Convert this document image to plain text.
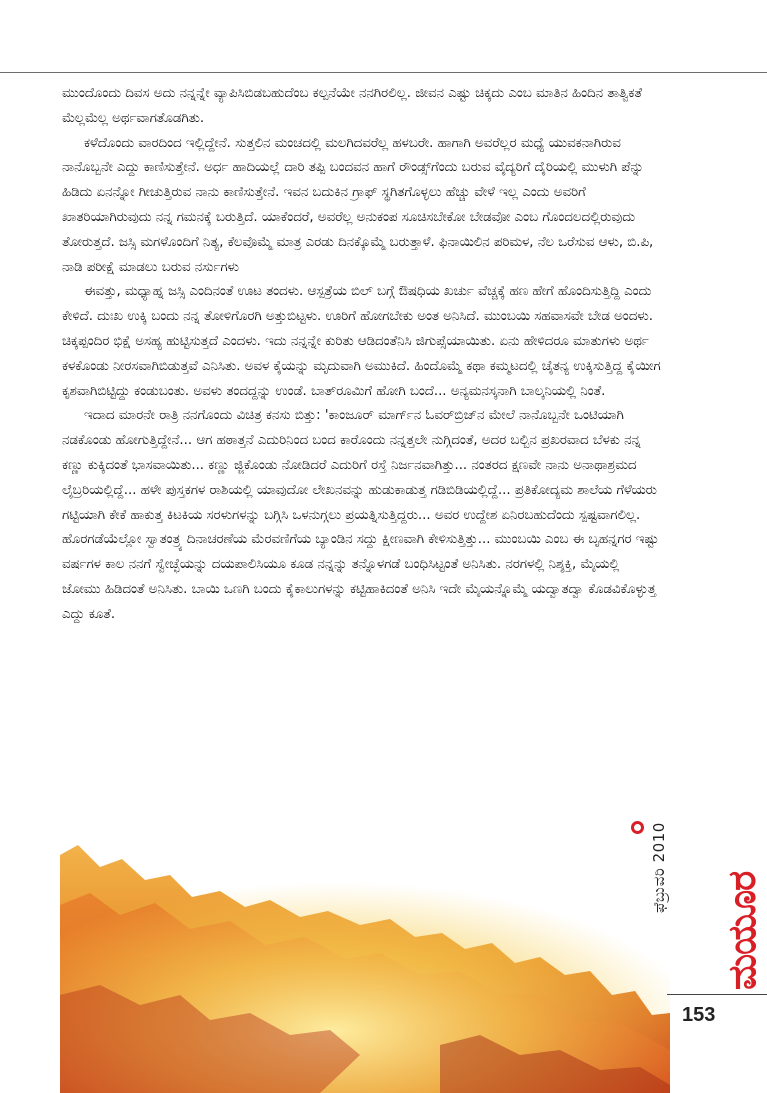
ಮುಂದೊಂದು ದಿವಸ ಅದು ನನ್ನನ್ನೇ ವ್ಯಾಪಿಸಿಬಿಡಬಹುದೆಂಬ ಕಲ್ಪನೆಯೇ ನನಗಿರಲಿಲ್ಲ. ಜೀವನ ಎಷ್ಟು ಚಿಕ್ಕದು ಎಂಬ ಮಾತಿನ ಹಿಂದಿನ ತಾತ್ವಿಕತೆ ಮೆಲ್ಲಮೆಲ್ಲ ಅರ್ಥವಾಗತೊಡಗಿತು.

ಕಳೆದೊಂದು ವಾರದಿಂದ ಇಲ್ಲಿದ್ದೇನೆ. ಸುತ್ತಲಿನ ಮಂಚದಲ್ಲಿ ಮಲಗಿದವರೆಲ್ಲ ಹಳಬರೇ. ಹಾಗಾಗಿ ಅವರೆಲ್ಲರ ಮಧ್ಯೆ ಯುವಕನಾಗಿರುವ ನಾನೊಬ್ಬನೇ ಎದ್ದು ಕಾಣಿಸುತ್ತೇನೆ. ಅರ್ಧ ಹಾದಿಯಲ್ಲೆ ದಾರಿ ತಪ್ಪಿ ಬಂದವನ ಹಾಗೆ ರೌಂಡ್ಸ್‌ಗೆಂದು ಬರುವ ವೈದ್ಯರಿಗೆ ದೈರಿಯಲ್ಲಿ ಮುಳುಗಿ ಪೆನ್ನು ಹಿಡಿದು ಏನನ್ನೋ ಗೀಚುತ್ತಿರುವ ನಾನು ಕಾಣಿಸುತ್ತೇನೆ. ಇವನ ಬದುಕಿನ ಗ್ರಾಫ್ ಸ್ಥಗಿತಗೊಳ್ಳಲು ಹೆಚ್ಚು ವೇಳೆ ಇಲ್ಲ ಎಂದು ಅವರಿಗೆ ಖಾತರಿಯಾಗಿರುವುದು ನನ್ನ ಗಮನಕ್ಕೆ ಬರುತ್ತಿದೆ. ಯಾಕೆಂದರೆ, ಅವರೆಲ್ಲ ಅನುಕಂಪ ಸೂಚಿಸಬೇಕೋ ಬೇಡವೋ ಎಂಬ ಗೊಂದಲದಲ್ಲಿರುವುದು ತೋರುತ್ತದೆ. ಜಸ್ಸಿ ಮಗಳೊಂದಿಗೆ ನಿತ್ಯ, ಕೆಲವೊಮ್ಮೆ ಮಾತ್ರ ಎರಡು ದಿನಕ್ಕೊಮ್ಮೆ ಬರುತ್ತಾಳೆ. ಫಿನಾಯಿಲಿನ ಪರಿಮಳ, ನೆಲ ಒರೆಸುವ ಆಳು, ಬಿ.ಪಿ, ನಾಡಿ ಪರೀಕ್ಷೆ ಮಾಡಲು ಬರುವ ನರ್ಸುಗಳು

ಈವತ್ತು, ಮಧ್ಯಾಹ್ನ ಜಸ್ಸಿ ಎಂದಿನಂತೆ ಊಟ ತಂದಳು. ಆಸ್ಪತ್ರೆಯ ಬಿಲ್ ಬಗ್ಗೆ ಔಷಧಿಯ ಖರ್ಚು ವೆಚ್ಚಕ್ಕೆ ಹಣ ಹೇಗೆ ಹೊಂದಿಸುತ್ತಿದ್ದಿ ಎಂದು ಕೇಳಿದೆ. ದುಃಖ ಉಕ್ಕಿ ಬಂದು ನನ್ನ ತೋಳಿಗೊರಗಿ ಅತ್ತುಬಿಟ್ಟಳು. ಊರಿಗೆ ಹೋಗಬೇಕು ಅಂತ ಅನಿಸಿದೆ. ಮುಂಬಯಿ ಸಹವಾಸವೇ ಬೇಡ ಅಂದಳು. ಚಿಕ್ಕಪ್ಪಂದಿರ ಭಿಕ್ಷೆ ಅಸಹ್ಯ ಹುಟ್ಟಿಸುತ್ತದೆ ಎಂದಳು. ಇದು ನನ್ನನ್ನೇ ಕುರಿತು ಆಡಿದಂತೆನಿಸಿ ಜಿಗುಪ್ಸೆಯಾಯಿತು. ಏನು ಹೇಳಿದರೂ ಮಾತುಗಳು ಅರ್ಥ ಕಳಕೊಂಡು ನೀರಸವಾಗಿಬಿಡುತ್ತವೆ ಎನಿಸಿತು. ಅವಳ ಕೈಯನ್ನು ಮೃದುವಾಗಿ ಅಮುಕಿದೆ. ಹಿಂದೊಮ್ಮೆ ಕಥಾ ಕಮ್ಮಟದಲ್ಲಿ ಚೈತನ್ಯ ಉಕ್ಕಿಸುತ್ತಿದ್ದ ಕೈಯೀಗ ಕೃಶವಾಗಿಬಿಟ್ಟಿದ್ದು ಕಂಡುಬಂತು. ಅವಳು ತಂದದ್ದನ್ನು ಉಂಡೆ. ಬಾತ್‌ರೂಮಿಗೆ ಹೋಗಿ ಬಂದೆ... ಅನ್ಯಮನಸ್ಕನಾಗಿ ಬಾಲ್ಕನಿಯಲ್ಲಿ ನಿಂತೆ.

ಇದಾದ ಮಾರನೇ ರಾತ್ರಿ ನನಗೊಂದು ವಿಚಿತ್ರ ಕನಸು ಬಿತ್ತು: 'ಕಾಂಜೂರ್ ಮಾರ್ಗ್‌ನ ಓವರ್‌ಬ್ರಿಜ್‌ನ ಮೇಲೆ ನಾನೊಬ್ಬನೇ ಒಂಟಿಯಾಗಿ ನಡಕೊಂಡು ಹೋಗುತ್ತಿದ್ದೇನೆ... ಆಗ ಹಠಾತ್ತನೆ ಎದುರಿನಿಂದ ಬಂದ ಕಾರೊಂದು ನನ್ನತ್ತಲೇ ನುಗ್ಗಿದಂತೆ, ಅದರ ಬಲ್ಬಿನ ಪ್ರಖರವಾದ ಬೆಳಕು ನನ್ನ ಕಣ್ಣು ಕುಕ್ಕಿದಂತೆ ಭಾಸವಾಯಿತು... ಕಣ್ಣು ಜ್ಜಿಕೊಂಡು ನೋಡಿದರೆ ಎದುರಿಗೆ ರಸ್ತೆ ನಿರ್ಜನವಾಗಿತ್ತು... ನಂತರದ ಕ್ಷಣವೇ ನಾನು ಅನಾಥಾಶ್ರಮದ ಲೈಬ್ರರಿಯಲ್ಲಿದ್ದೆ... ಹಳೇ ಪುಸ್ತಕಗಳ ರಾಶಿಯಲ್ಲಿ ಯಾವುದೋ ಲೇಖನವನ್ನು ಹುಡುಕಾಡುತ್ತ ಗಡಿಬಿಡಿಯಲ್ಲಿದ್ದೆ... ಪ್ರತಿಕೋದ್ಯಮ ಶಾಲೆಯ ಗೆಳೆಯರು ಗಟ್ಟಿಯಾಗಿ ಕೇಕೆ ಹಾಕುತ್ತ ಕಿಟಕಿಯ ಸರಳುಗಳನ್ನು ಬಗ್ಗಿಸಿ ಒಳನುಗ್ಗಲು ಪ್ರಯತ್ನಿಸುತ್ತಿದ್ದರು... ಅವರ ಉದ್ದೇಶ ಏನಿರಬಹುದೆಂದು ಸ್ಪಷ್ಟವಾಗಲಿಲ್ಲ. ಹೊರಗಡೆಯೆಲ್ಲೋ ಸ್ವಾತಂತ್ರ್ಯ ದಿನಾಚರಣೆಯ ಮೆರವಣಿಗೆಯ ಬ್ಯಾಂಡಿನ ಸದ್ದು ಕ್ಷೀಣವಾಗಿ ಕೇಳಿಸುತ್ತಿತ್ತು... ಮುಂಬಯಿ ಎಂಬ ಈ ಬೃಹನ್ನಗರ ಇಷ್ಟು ವರ್ಷಗಳ ಕಾಲ ನನಗೆ ಸ್ವೇಚ್ಛೆಯನ್ನು ದಯಪಾಲಿಸಿಯೂ ಕೂಡ ನನ್ನನ್ನು ತನ್ನೊಳಗಡೆ ಬಂಧಿಸಿಟ್ಟಂತೆ ಅನಿಸಿತು. ನರಗಳಲ್ಲಿ ನಿಶ್ಶಕ್ತಿ, ಮೈಯಲ್ಲಿ ಜೋಮು ಹಿಡಿದಂತೆ ಅನಿಸಿತು. ಬಾಯಿ ಒಣಗಿ ಬಂದು ಕೈಕಾಲುಗಳನ್ನು ಕಟ್ಟಿಹಾಕಿದಂತೆ ಅನಿಸಿ ಇದೇ ಮೈಯನ್ನೊಮ್ಮೆ ಯದ್ವಾತದ್ವಾ ಕೊಡವಿಕೊಳ್ಳುತ್ತ ಎದ್ದು ಕೂತೆ.

ಫೆಬ್ರುವರಿ 2010
ಮಯೂರ
153
